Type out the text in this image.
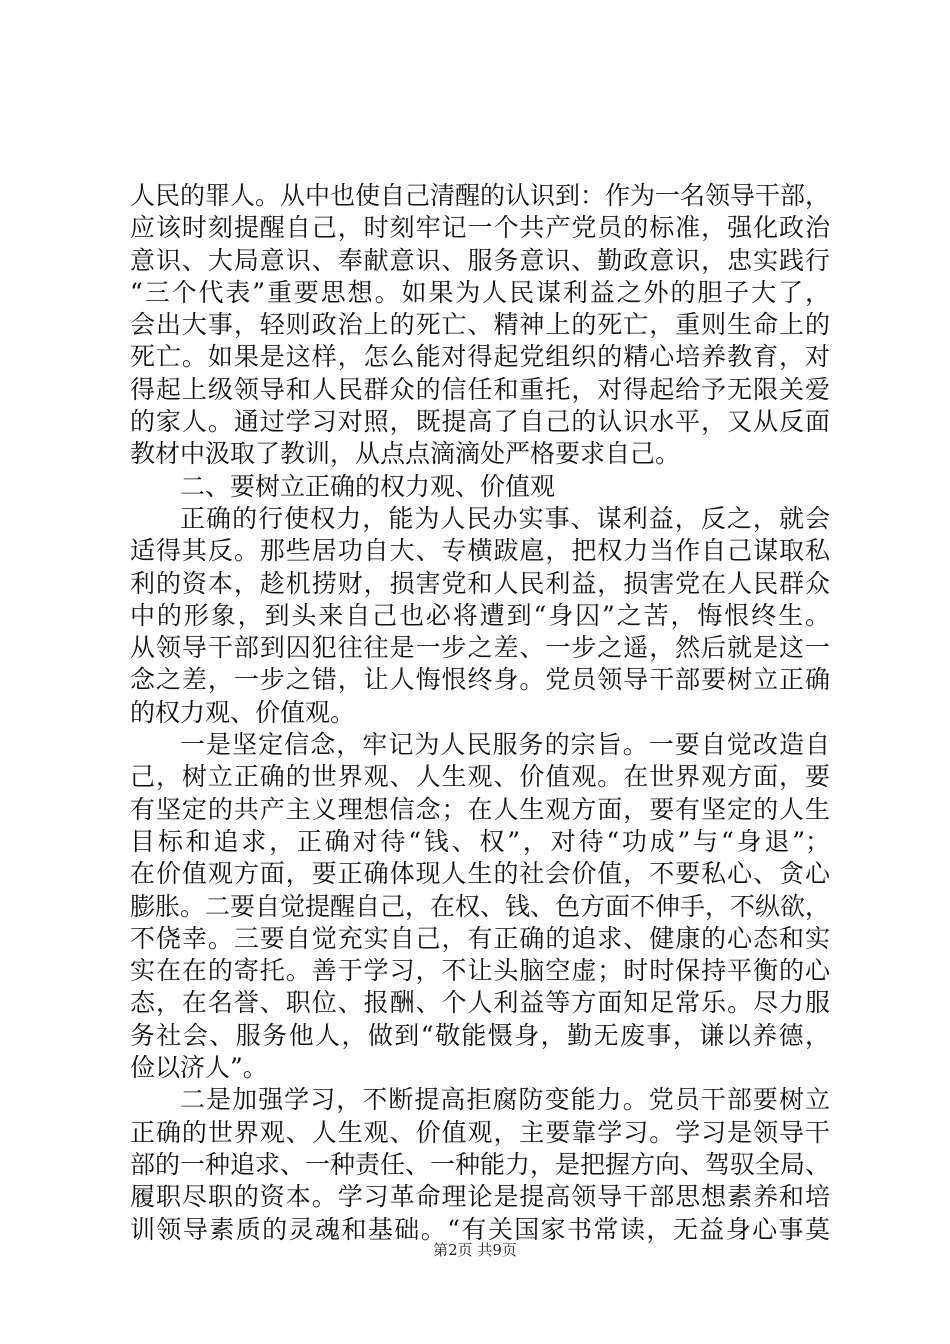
人民的罪人。从中也使自己清醒的认识到：作为一名领导干部，
应该时刻提醒自己，时刻牢记一个共产党员的标准，强化政治
意识、大局意识、奉献意识、服务意识、勤政意识，忠实践行
“三个代表”重要思想。如果为人民谋利益之外的胆子大了，
会出大事，轻则政治上的死亡、精神上的死亡，重则生命上的
死亡。如果是这样，怎么能对得起党组织的精心培养教育，对
得起上级领导和人民群众的信任和重托，对得起给予无限关爱
的家人。通过学习对照，既提高了自己的认识水平，又从反面
教材中汲取了教训，从点点滴滴处严格要求自己。
二、要树立正确的权力观、价值观
正确的行使权力，能为人民办实事、谋利益，反之，就会
适得其反。那些居功自大、专横跋扈，把权力当作自己谋取私
利的资本，趁机捞财，损害党和人民利益，损害党在人民群众
中的形象，到头来自己也必将遭到“身囚”之苦，悔恨终生。
从领导干部到囚犯往往是一步之差、一步之遥，然后就是这一
念之差，一步之错，让人悔恨终身。党员领导干部要树立正确
的权力观、价值观。
一是坚定信念，牢记为人民服务的宗旨。一要自觉改造自
己，树立正确的世界观、人生观、价值观。在世界观方面，要
有坚定的共产主义理想信念；在人生观方面，要有坚定的人生
目标和追求，正确对待“钱、权”，对待“功成”与“身退”；
在价值观方面，要正确体现人生的社会价值，不要私心、贪心
膨胀。二要自觉提醒自己，在权、钱、色方面不伸手，不纵欲，
不侥幸。三要自觉充实自己，有正确的追求、健康的心态和实
实在在的寄托。善于学习，不让头脑空虚；时时保持平衡的心
态，在名誉、职位、报酬、个人利益等方面知足常乐。尽力服
务社会、服务他人，做到“敬能慑身，勤无废事，谦以养德，
俭以济人”。
二是加强学习，不断提高拒腐防变能力。党员干部要树立
正确的世界观、人生观、价值观，主要靠学习。学习是领导干
部的一种追求、一种责任、一种能力，是把握方向、驾驭全局、
履职尽职的资本。学习革命理论是提高领导干部思想素养和培
训领导素质的灵魂和基础。“有关国家书常读，无益身心事莫
第2页 共9页
